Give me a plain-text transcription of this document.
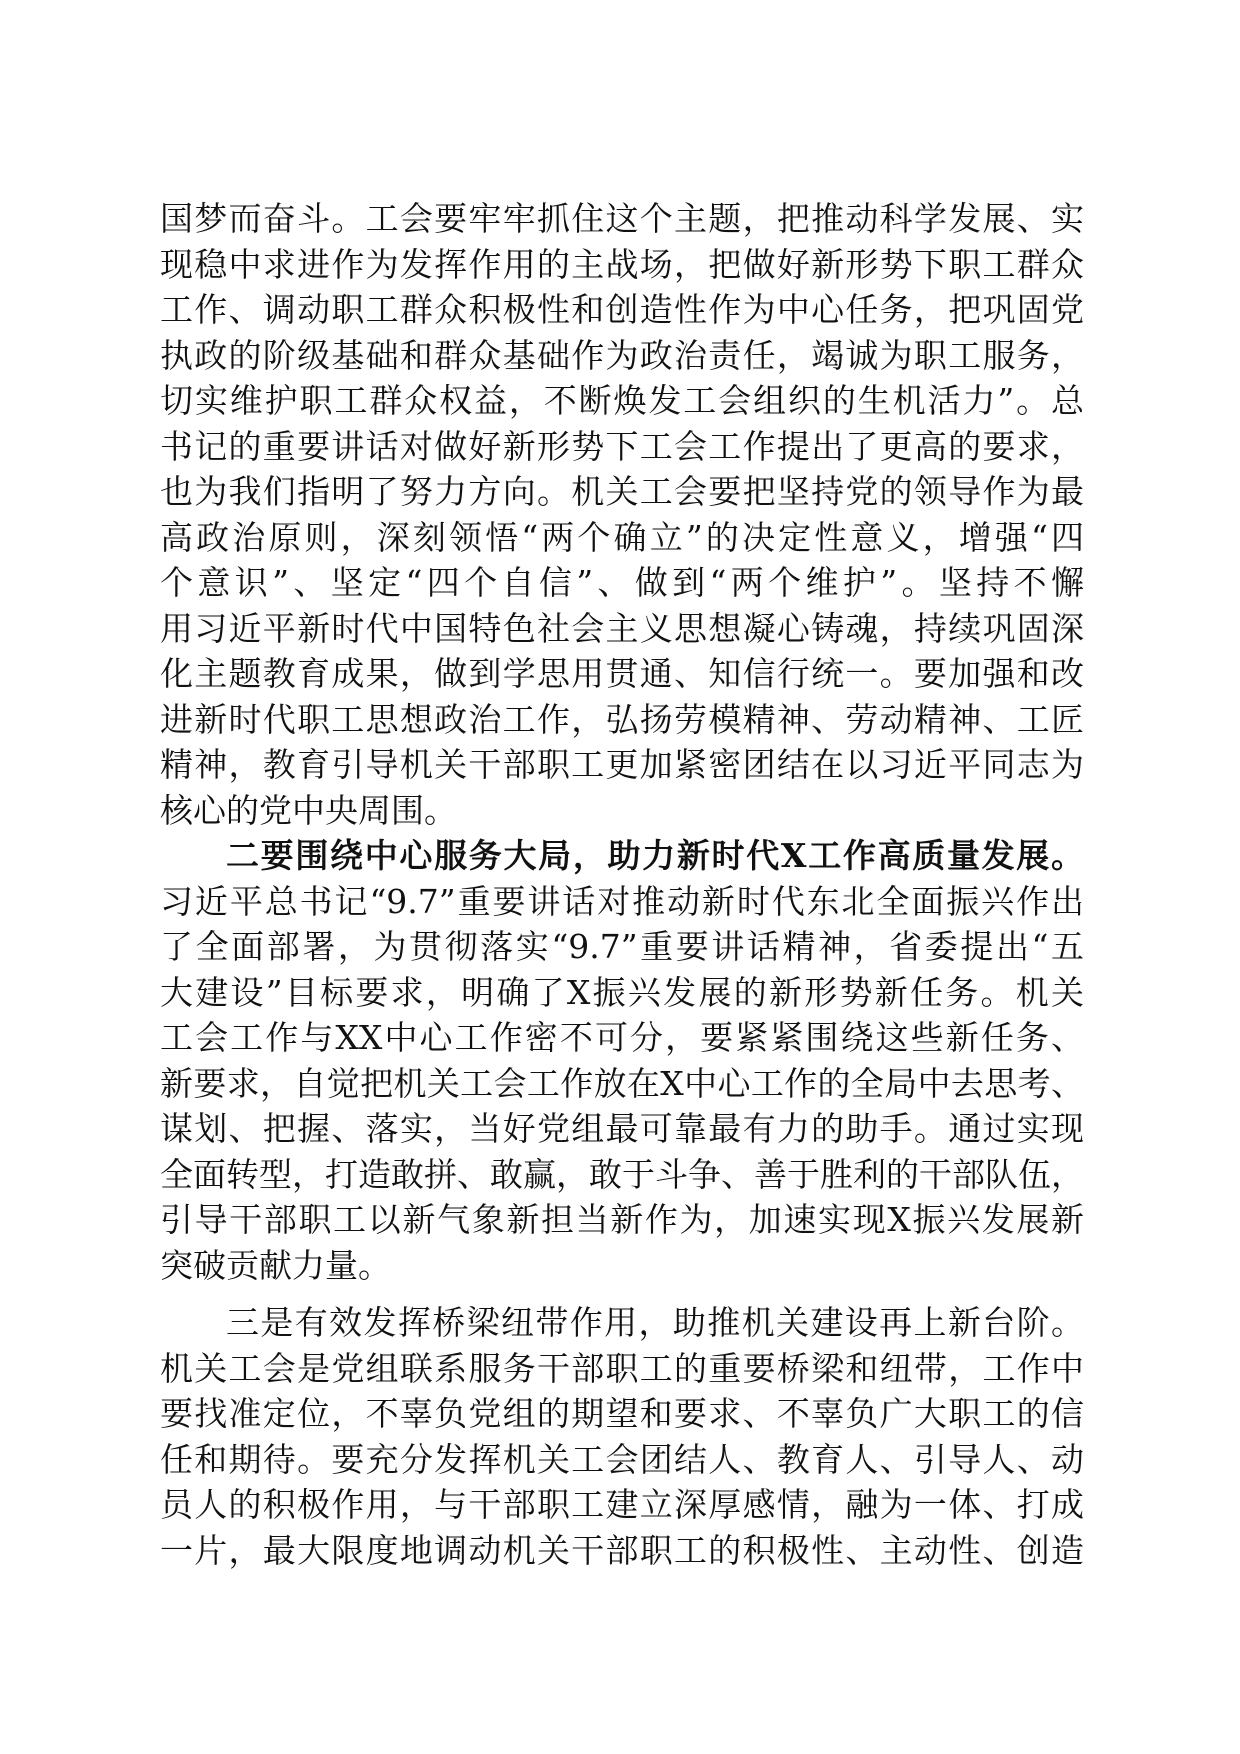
国梦而奋斗。工会要牢牢抓住这个主题，把推动科学发展、实
现稳中求进作为发挥作用的主战场，把做好新形势下职工群众
工作、调动职工群众积极性和创造性作为中心任务，把巩固党
执政的阶级基础和群众基础作为政治责任，竭诚为职工服务，
切实维护职工群众权益，不断焕发工会组织的生机活力”。总
书记的重要讲话对做好新形势下工会工作提出了更高的要求，
也为我们指明了努力方向。机关工会要把坚持党的领导作为最
高政治原则，深刻领悟“两个确立”的决定性意义，增强“四
个意识”、坚定“四个自信”、做到“两个维护”。坚持不懈
用习近平新时代中国特色社会主义思想凝心铸魂，持续巩固深
化主题教育成果，做到学思用贯通、知信行统一。要加强和改
进新时代职工思想政治工作，弘扬劳模精神、劳动精神、工匠
精神，教育引导机关干部职工更加紧密团结在以习近平同志为
核心的党中央周围。
二要围绕中心服务大局，助力新时代X工作高质量发展。
习近平总书记“9.7”重要讲话对推动新时代东北全面振兴作出
了全面部署，为贯彻落实“9.7”重要讲话精神，省委提出“五
大建设”目标要求，明确了X振兴发展的新形势新任务。机关
工会工作与XX中心工作密不可分，要紧紧围绕这些新任务、
新要求，自觉把机关工会工作放在X中心工作的全局中去思考、
谋划、把握、落实，当好党组最可靠最有力的助手。通过实现
全面转型，打造敢拼、敢赢，敢于斗争、善于胜利的干部队伍，
引导干部职工以新气象新担当新作为，加速实现X振兴发展新
突破贡献力量。
三是有效发挥桥梁纽带作用，助推机关建设再上新台阶。
机关工会是党组联系服务干部职工的重要桥梁和纽带，工作中
要找准定位，不辜负党组的期望和要求、不辜负广大职工的信
任和期待。要充分发挥机关工会团结人、教育人、引导人、动
员人的积极作用，与干部职工建立深厚感情，融为一体、打成
一片，最大限度地调动机关干部职工的积极性、主动性、创造
